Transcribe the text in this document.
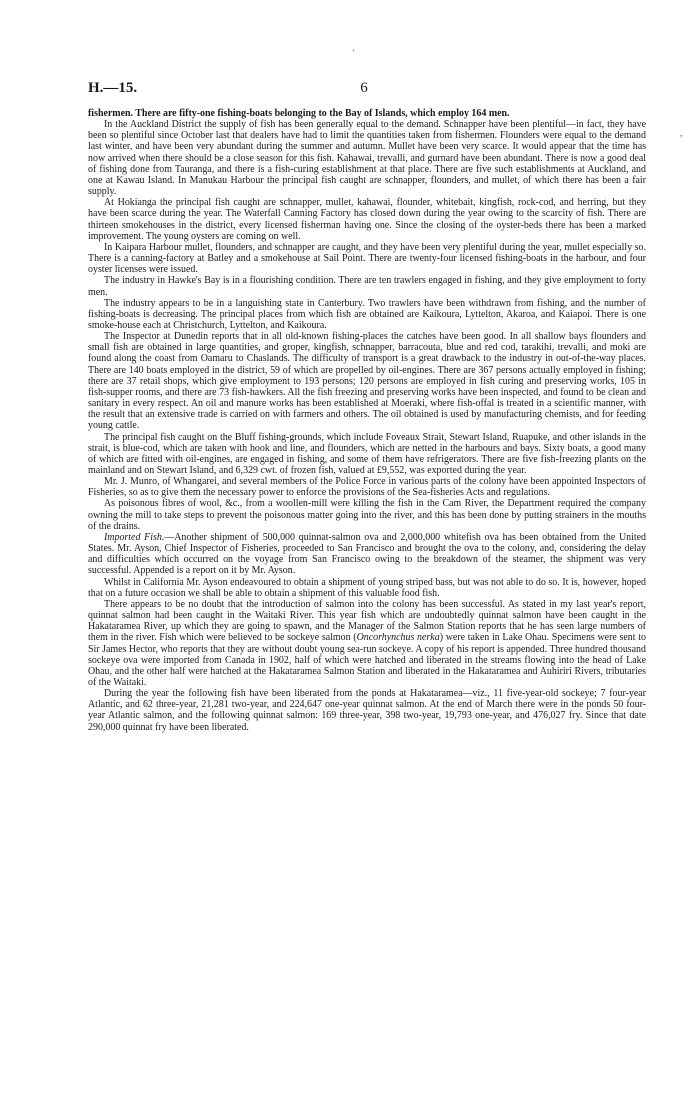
H.—15.	6

fishermen. There are fifty-one fishing-boats belonging to the Bay of Islands, which employ 164 men.

In the Auckland District the supply of fish has been generally equal to the demand. Schnapper have been plentiful—in fact, they have been so plentiful since October last that dealers have had to limit the quantities taken from fishermen. Flounders were equal to the demand last winter, and have been very abundant during the summer and autumn. Mullet have been very scarce. It would appear that the time has now arrived when there should be a close season for this fish. Kahawai, trevalli, and gurnard have been abundant. There is now a good deal of fishing done from Tauranga, and there is a fish-curing establishment at that place. There are five such establishments at Auckland, and one at Kawau Island. In Manukau Harbour the principal fish caught are schnapper, flounders, and mullet, of which there has been a fair supply.

At Hokianga the principal fish caught are schnapper, mullet, kahawai, flounder, whitebait, kingfish, rock-cod, and herring, but they have been scarce during the year. The Waterfall Canning Factory has closed down during the year owing to the scarcity of fish. There are thirteen smokehouses in the district, every licensed fisherman having one. Since the closing of the oyster-beds there has been a marked improvement. The young oysters are coming on well.

In Kaipara Harbour mullet, flounders, and schnapper are caught, and they have been very plentiful during the year, mullet especially so. There is a canning-factory at Batley and a smokehouse at Sail Point. There are twenty-four licensed fishing-boats in the harbour, and four oyster licenses were issued.

The industry in Hawke's Bay is in a flourishing condition. There are ten trawlers engaged in fishing, and they give employment to forty men.

The industry appears to be in a languishing state in Canterbury. Two trawlers have been withdrawn from fishing, and the number of fishing-boats is decreasing. The principal places from which fish are obtained are Kaikoura, Lyttelton, Akaroa, and Kaiapoi. There is one smoke-house each at Christchurch, Lyttelton, and Kaikoura.

The Inspector at Dunedin reports that in all old-known fishing-places the catches have been good. In all shallow bays flounders and small fish are obtained in large quantities, and groper, kingfish, schnapper, barracouta, blue and red cod, tarakihi, trevalli, and moki are found along the coast from Oamaru to Chaslands. The difficulty of transport is a great drawback to the industry in out-of-the-way places. There are 140 boats employed in the district, 59 of which are propelled by oil-engines. There are 367 persons actually employed in fishing; there are 37 retail shops, which give employment to 193 persons; 120 persons are employed in fish curing and preserving works, 105 in fish-supper rooms, and there are 73 fish-hawkers. All the fish freezing and preserving works have been inspected, and found to be clean and sanitary in every respect. An oil and manure works has been established at Moeraki, where fish-offal is treated in a scientific manner, with the result that an extensive trade is carried on with farmers and others. The oil obtained is used by manufacturing chemists, and for feeding young cattle.

The principal fish caught on the Bluff fishing-grounds, which include Foveaux Strait, Stewart Island, Ruapuke, and other islands in the strait, is blue-cod, which are taken with hook and line, and flounders, which are netted in the harbours and bays. Sixty boats, a good many of which are fitted with oil-engines, are engaged in fishing, and some of them have refrigerators. There are five fish-freezing plants on the mainland and on Stewart Island, and 6,329 cwt. of frozen fish, valued at £9,552, was exported during the year.

Mr. J. Munro, of Whangarei, and several members of the Police Force in various parts of the colony have been appointed Inspectors of Fisheries, so as to give them the necessary power to enforce the provisions of the Sea-fisheries Acts and regulations.

As poisonous fibres of wool, &c., from a woollen-mill were killing the fish in the Cam River, the Department required the company owning the mill to take steps to prevent the poisonous matter going into the river, and this has been done by putting strainers in the mouths of the drains.

Imported Fish.—Another shipment of 500,000 quinnat-salmon ova and 2,000,000 whitefish ova has been obtained from the United States. Mr. Ayson, Chief Inspector of Fisheries, proceeded to San Francisco and brought the ova to the colony, and, considering the delay and difficulties which occurred on the voyage from San Francisco owing to the breakdown of the steamer, the shipment was very successful. Appended is a report on it by Mr. Ayson.

Whilst in California Mr. Ayson endeavoured to obtain a shipment of young striped bass, but was not able to do so. It is, however, hoped that on a future occasion we shall be able to obtain a shipment of this valuable food fish.

There appears to be no doubt that the introduction of salmon into the colony has been successful. As stated in my last year's report, quinnat salmon had been caught in the Waitaki River. This year fish which are undoubtedly quinnat salmon have been caught in the Hakataramea River, up which they are going to spawn, and the Manager of the Salmon Station reports that he has seen large numbers of them in the river. Fish which were believed to be sockeye salmon (Oncorhynchus nerka) were taken in Lake Ohau. Specimens were sent to Sir James Hector, who reports that they are without doubt young sea-run sockeye. A copy of his report is appended. Three hundred thousand sockeye ova were imported from Canada in 1902, half of which were hatched and liberated in the streams flowing into the head of Lake Ohau, and the other half were hatched at the Hakataramea Salmon Station and liberated in the Hakataramea and Auhiriri Rivers, tributaries of the Waitaki.

During the year the following fish have been liberated from the ponds at Hakataramea—viz., 11 five-year-old sockeye; 7 four-year Atlantic, and 62 three-year, 21,281 two-year, and 224,647 one-year quinnat salmon. At the end of March there were in the ponds 50 four-year Atlantic salmon, and the following quinnat salmon: 169 three-year, 398 two-year, 19,793 one-year, and 476,027 fry. Since that date 290,000 quinnat fry have been liberated.

,
·
